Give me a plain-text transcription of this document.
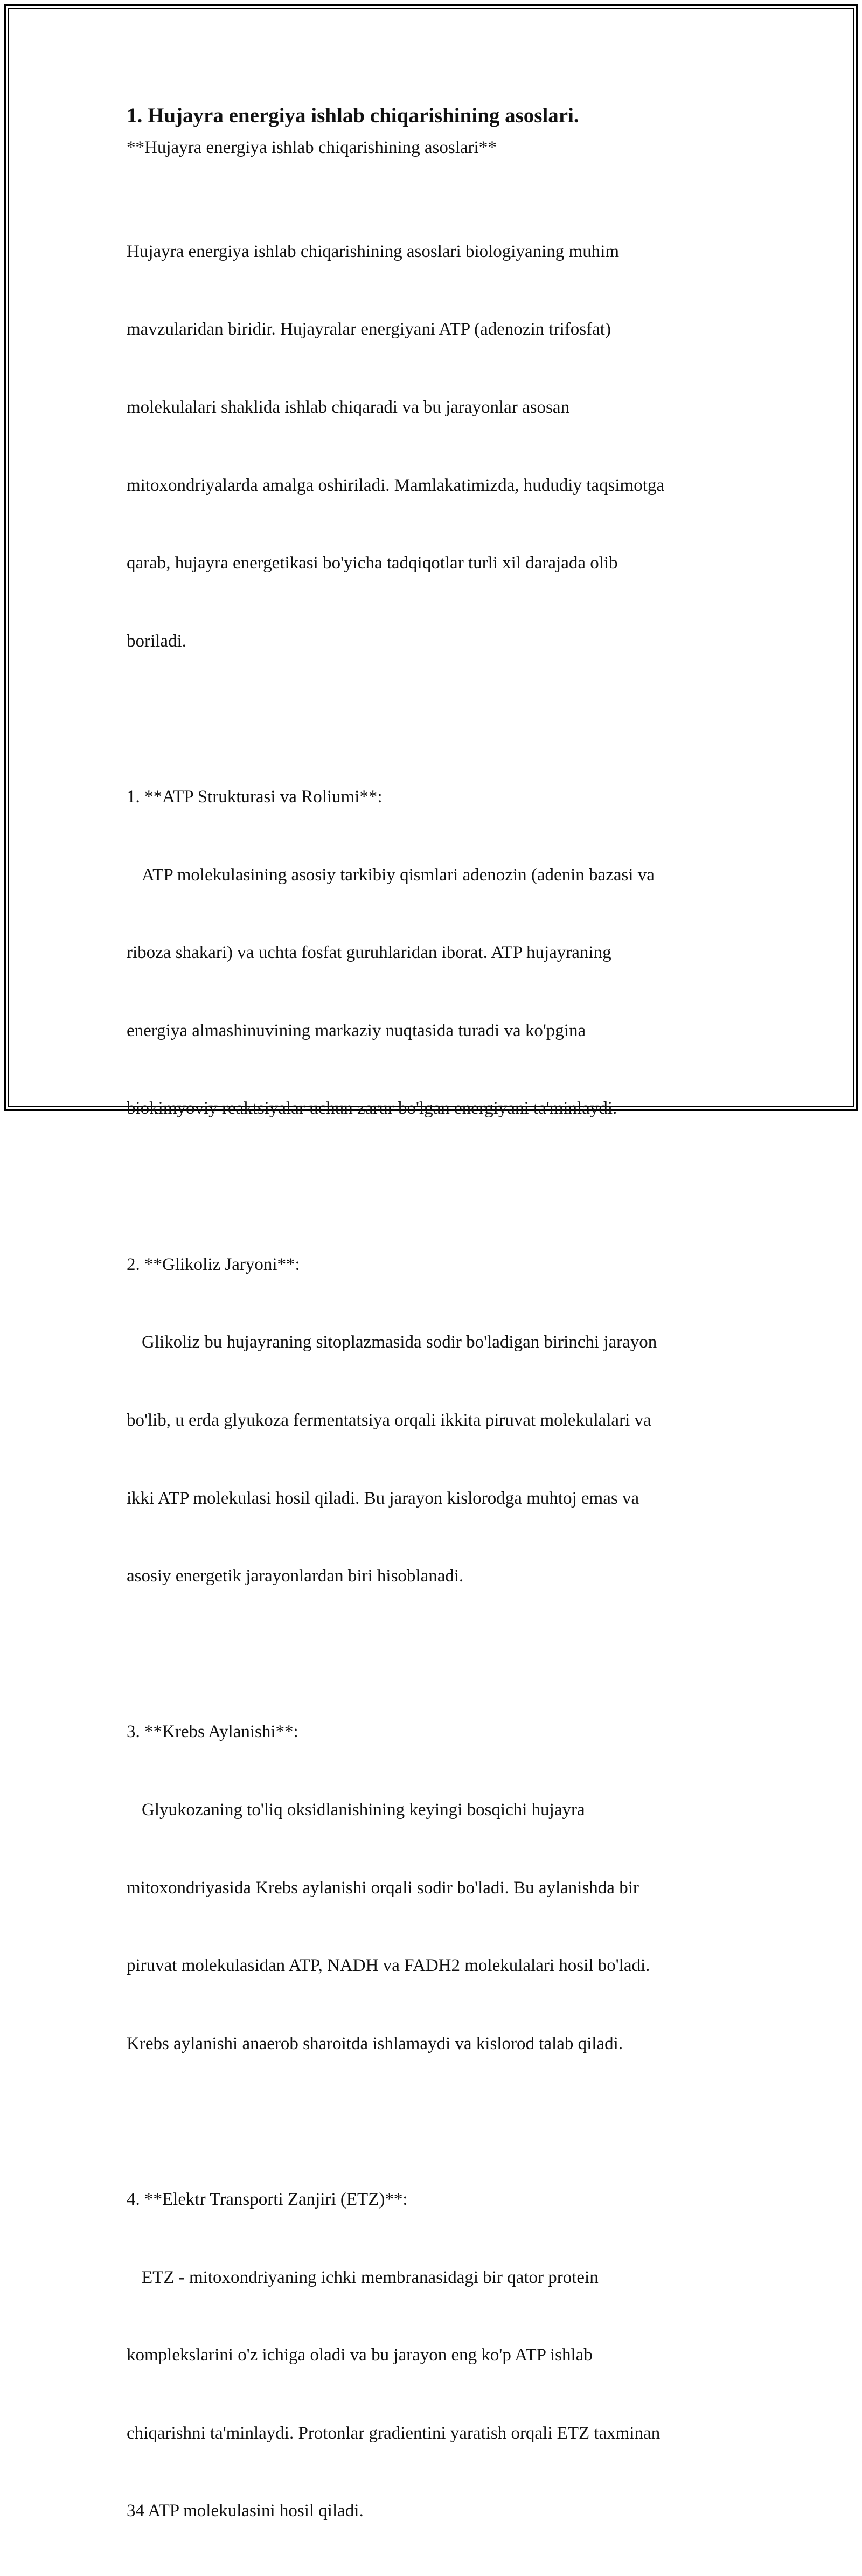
1. Hujayra energiya ishlab chiqarishining asoslari.
**Hujayra energiya ishlab chiqarishining asoslari**

Hujayra energiya ishlab chiqarishining asoslari biologiyaning muhim

mavzularidan biridir. Hujayralar energiyani ATP (adenozin trifosfat)

molekulalari shaklida ishlab chiqaradi va bu jarayonlar asosan

mitoxondriyalarda amalga oshiriladi. Mamlakatimizda, hududiy taqsimotga

qarab, hujayra energetikasi bo'yicha tadqiqotlar turli xil darajada olib

boriladi.

1. **ATP Strukturasi va Roliumi**:

ATP molekulasining asosiy tarkibiy qismlari adenozin (adenin bazasi va

riboza shakari) va uchta fosfat guruhlaridan iborat. ATP hujayraning

energiya almashinuvining markaziy nuqtasida turadi va ko'pgina

biokimyoviy reaktsiyalar uchun zarur bo'lgan energiyani ta'minlaydi.

2. **Glikoliz Jaryoni**:

Glikoliz bu hujayraning sitoplazmasida sodir bo'ladigan birinchi jarayon

bo'lib, u erda glyukoza fermentatsiya orqali ikkita piruvat molekulalari va

ikki ATP molekulasi hosil qiladi. Bu jarayon kislorodga muhtoj emas va

asosiy energetik jarayonlardan biri hisoblanadi.

3. **Krebs Aylanishi**:

Glyukozaning to'liq oksidlanishining keyingi bosqichi hujayra

mitoxondriyasida Krebs aylanishi orqali sodir bo'ladi. Bu aylanishda bir

piruvat molekulasidan ATP, NADH va FADH2 molekulalari hosil bo'ladi.

Krebs aylanishi anaerob sharoitda ishlamaydi va kislorod talab qiladi.

4. **Elektr Transporti Zanjiri (ETZ)**:

ETZ - mitoxondriyaning ichki membranasidagi bir qator protein

komplekslarini o'z ichiga oladi va bu jarayon eng ko'p ATP ishlab

chiqarishni ta'minlaydi. Protonlar gradientini yaratish orqali ETZ taxminan

34 ATP molekulasini hosil qiladi.
